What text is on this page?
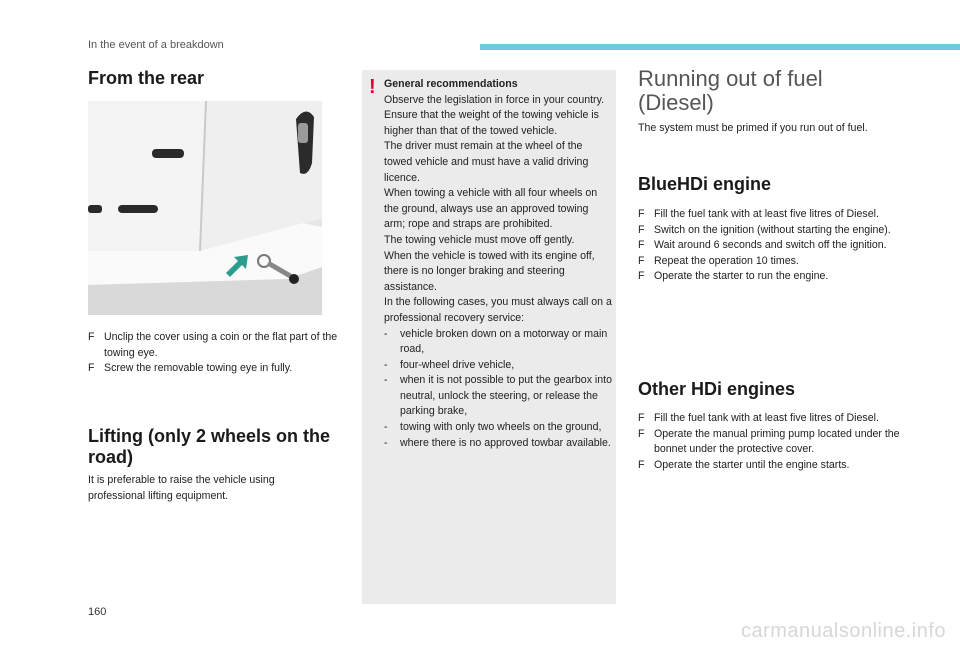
In the event of a breakdown
From the rear
F Unclip the cover using a coin or the flat part of the towing eye.
F Screw the removable towing eye in fully.
Lifting (only 2 wheels on the road)
It is preferable to raise the vehicle using professional lifting equipment.
! General recommendations

Observe the legislation in force in your country.

Ensure that the weight of the towing vehicle is higher than that of the towed vehicle.

The driver must remain at the wheel of the towed vehicle and must have a valid driving licence.

When towing a vehicle with all four wheels on the ground, always use an approved towing arm; rope and straps are prohibited.

The towing vehicle must move off gently.

When the vehicle is towed with its engine off, there is no longer braking and steering assistance.

In the following cases, you must always call on a professional recovery service:

- vehicle broken down on a motorway or main road,
- four-wheel drive vehicle,
- when it is not possible to put the gearbox into neutral, unlock the steering, or release the parking brake,
- towing with only two wheels on the ground,
- where there is no approved towbar available.
Running out of fuel (Diesel)
The system must be primed if you run out of fuel.
BlueHDi engine
F Fill the fuel tank with at least five litres of Diesel.
F Switch on the ignition (without starting the engine).
F Wait around 6 seconds and switch off the ignition.
F Repeat the operation 10 times.
F Operate the starter to run the engine.
Other HDi engines
F Fill the fuel tank with at least five litres of Diesel.
F Operate the manual priming pump located under the bonnet under the protective cover.
F Operate the starter until the engine starts.
160
carmanualsonline.info
